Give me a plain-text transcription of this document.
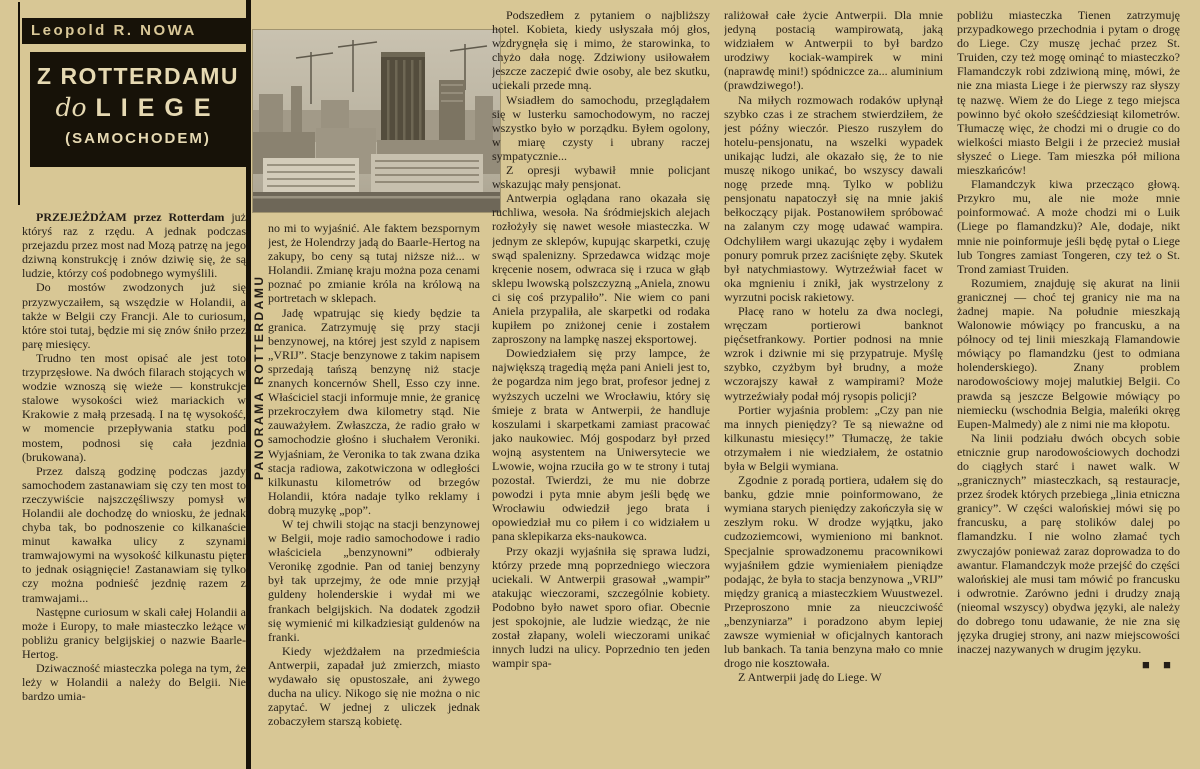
Leopold R. NOWA
Z ROTTERDAMU
do LIEGE
(SAMOCHODEM)
PANORAMA ROTTERDAMU

PRZEJEŻDŻAM przez Rotterdam już któryś raz z rzędu. A jednak podczas przejazdu przez most nad Mozą patrzę na jego dziwną konstrukcję i znów dziwię się, że są ludzie, którzy coś podobnego wymyślili.

Do mostów zwodzonych już się przyzwyczaiłem, są wszędzie w Holandii, a także w Belgii czy Francji. Ale to curiosum, które stoi tutaj, będzie mi się znów śniło przez parę miesięcy.

Trudno ten most opisać ale jest toto trzyprzęsłowe. Na dwóch filarach stojących w wodzie wznoszą się wieże — konstrukcje stalowe wysokości wież mariackich w Krakowie z małą przesadą. I na tę wysokość, w momencie przepływania statku pod mostem, podnosi się cała jezdnia (brukowana).

Przez dalszą godzinę podczas jazdy samochodem zastanawiam się czy ten most to rzeczywiście najszczęśliwszy pomysł w Holandii ale dochodzę do wniosku, że jednak chyba tak, bo podnoszenie co kilkanaście minut kawałka ulicy z szynami tramwajowymi na wysokość kilkunastu pięter to jednak osiągnięcie! Zastanawiam się tylko czy można podnieść jezdnię razem z tramwajami...

Następne curiosum w skali całej Holandii a może i Europy, to małe miasteczko leżące w pobliżu granicy belgijskiej o nazwie Baarle-Hertog.

Dziwaczność miasteczka polega na tym, że leży w Holandii a należy do Belgii. Nie bardzo umia-

no mi to wyjaśnić. Ale faktem bezspornym jest, że Holendrzy jadą do Baarle-Hertog na zakupy, bo ceny są tutaj niższe niż... w Holandii. Zmianę kraju można poza cenami poznać po zmianie króla na królową na portretach w sklepach.

Jadę wpatrując się kiedy będzie ta granica. Zatrzymuję się przy stacji benzynowej, na której jest szyld z napisem „VRIJ”. Stacje benzynowe z takim napisem sprzedają tańszą benzynę niż stacje znanych koncernów Shell, Esso czy inne. Właściciel stacji informuje mnie, że granicę przekroczyłem dwa kilometry stąd. Nie zauważyłem. Zwłaszcza, że radio grało w samochodzie głośno i słuchałem Veroniki. Wyjaśniam, że Veronika to tak zwana dzika stacja radiowa, zakotwiczona w odległości kilkunastu kilometrów od brzegów Holandii, która nadaje tylko reklamy i dobrą muzykę „pop”.

W tej chwili stojąc na stacji benzynowej w Belgii, moje radio samochodowe i radio właściciela „benzynowni” odbierały Veronikę zgodnie. Pan od taniej benzyny był tak uprzejmy, że ode mnie przyjął guldeny holenderskie i wydał mi we frankach belgijskich. Na dodatek zgodził się wymienić mi kilkadziesiąt guldenów na franki.

Kiedy wjeżdżałem na przedmieścia Antwerpii, zapadał już zmierzch, miasto wydawało się opustoszałe, ani żywego ducha na ulicy. Nikogo się nie można o nic zapytać. W jednej z uliczek jednak zobaczyłem starszą kobietę.

Podszedłem z pytaniem o najbliższy hotel. Kobieta, kiedy usłyszała mój głos, wzdrygnęła się i mimo, że starowinka, to chyżo dała nogę. Zdziwiony usiłowałem jeszcze zaczepić dwie osoby, ale bez skutku, uciekali przede mną.

Wsiadłem do samochodu, przeglądałem się w lusterku samochodowym, no raczej wszystko było w porządku. Byłem ogolony, w miarę czysty i ubrany raczej sympatycznie...

Z opresji wybawił mnie policjant wskazując mały pensjonat.

Antwerpia oglądana rano okazała się ruchliwa, wesoła. Na śródmiejskich alejach rozłożyły się nawet wesołe miasteczka. W jednym ze sklepów, kupując skarpetki, czuję swąd spalenizny. Sprzedawca widząc moje kręcenie nosem, odwraca się i rzuca w głąb sklepu lwowską polszczyzną „Aniela, znowu ci się coś przypaliło”. Nie wiem co pani Aniela przypaliła, ale skarpetki od rodaka kupiłem po zniżonej cenie i zostałem zaproszony na lampkę naszej eksportowej.

Dowiedziałem się przy lampce, że największą tragedią męża pani Anieli jest to, że pogardza nim jego brat, profesor jednej z wyższych uczelni we Wrocławiu, który się śmieje z brata w Antwerpii, że handluje koszulami i skarpetkami zamiast pracować jako naukowiec. Mój gospodarz był przed wojną asystentem na Uniwersytecie we Lwowie, wojna rzuciła go w te strony i tutaj pozostał. Twierdzi, że mu nie dobrze powodzi i pyta mnie abym jeśli będę we Wrocławiu odwiedził jego brata i opowiedział mu co piłem i co widziałem u pana sklepikarza eks-naukowca.

Przy okazji wyjaśniła się sprawa ludzi, którzy przede mną poprzedniego wieczora uciekali. W Antwerpii grasował „wampir” atakując wieczorami, szczególnie kobiety. Podobno było nawet sporo ofiar. Obecnie jest spokojnie, ale ludzie wiedząc, że nie został złapany, woleli wieczorami unikać innych ludzi na ulicy. Poprzednio ten jeden wampir spa-

raliżował całe życie Antwerpii. Dla mnie jedyną postacią wampirowatą, jaką widziałem w Antwerpii to był bardzo urodziwy kociak-wampirek w mini (naprawdę mini!) spódniczce za... aluminium (prawdziwego!).

Na miłych rozmowach rodaków upłynął szybko czas i ze strachem stwierdziłem, że jest późny wieczór. Pieszo ruszyłem do hotelu-pensjonatu, na wszelki wypadek unikając ludzi, ale okazało się, że to nie muszę nikogo unikać, bo wszyscy dawali nogę przede mną. Tylko w pobliżu pensjonatu napatoczył się na mnie jakiś bełkoczący pijak. Postanowiłem spróbować na zalanym czy mogę udawać wampira. Odchyliłem wargi ukazując zęby i wydałem ponury pomruk przez zaciśnięte zęby. Skutek był natychmiastowy. Wytrzeźwiał facet w oka mgnieniu i znikł, jak wystrzelony z wyrzutni pocisk rakietowy.

Płacę rano w hotelu za dwa noclegi, wręczam portierowi banknot pięćsetfrankowy. Portier podnosi na mnie wzrok i dziwnie mi się przypatruje. Myślę szybko, czyżbym był brudny, a może wczorajszy kawał z wampirami? Może wytrzeźwiały podał mój rysopis policji?

Portier wyjaśnia problem: „Czy pan nie ma innych pieniędzy? Te są nieważne od kilkunastu miesięcy!” Tłumaczę, że takie otrzymałem i nie wiedziałem, że ostatnio była w Belgii wymiana.

Zgodnie z poradą portiera, udałem się do banku, gdzie mnie poinformowano, że wymiana starych pieniędzy zakończyła się w zeszłym roku. W drodze wyjątku, jako cudzoziemcowi, wymieniono mi banknot. Specjalnie sprowadzonemu pracownikowi wyjaśniłem gdzie wymieniałem pieniądze podając, że była to stacja benzynowa „VRIJ” między granicą a miasteczkiem Wuustwezel. Przeproszono mnie za nieuczciwość „benzyniarza” i poradzono abym lepiej zawsze wymieniał w oficjalnych kantorach lub bankach. Ta tania benzyna mało co mnie drogo nie kosztowała.

Z Antwerpii jadę do Liege. W

pobliżu miasteczka Tienen zatrzymuję przypadkowego przechodnia i pytam o drogę do Liege. Czy muszę jechać przez St. Truiden, czy też mogę ominąć to miasteczko? Flamandczyk robi zdziwioną minę, mówi, że nie zna miasta Liege i że pierwszy raz słyszy tę nazwę. Wiem że do Liege z tego miejsca powinno być około sześćdziesiąt kilometrów. Tłumaczę więc, że chodzi mi o drugie co do wielkości miasto Belgii i że przecież musiał słyszeć o Liege. Tam mieszka pół miliona mieszkańców!

Flamandczyk kiwa przecząco głową. Przykro mu, ale nie może mnie poinformować. A może chodzi mi o Luik (Liege po flamandzku)? Ale, dodaje, nikt mnie nie poinformuje jeśli będę pytał o Liege lub Tongres zamiast Tongeren, czy też o St. Trond zamiast Truiden.

Rozumiem, znajduję się akurat na linii granicznej — choć tej granicy nie ma na żadnej mapie. Na południe mieszkają Walonowie mówiący po francusku, a na północy od tej linii mieszkają Flamandowie mówiący po flamandzku (jest to odmiana holenderskiego). Znany problem narodowościowy mojej malutkiej Belgii. Co prawda są jeszcze Belgowie mówiący po niemiecku (wschodnia Belgia, maleńki okręg Eupen-Malmedy) ale z nimi nie ma kłopotu.

Na linii podziału dwóch obcych sobie etnicznie grup narodowościowych dochodzi do ciągłych starć i nawet walk. W „granicznych” miasteczkach, są restauracje, przez środek których przebiega „linia etniczna granicy”. W części walońskiej mówi się po francusku, a parę stolików dalej po flamandzku. I nie wolno złamać tych zwyczajów ponieważ zaraz doprowadza to do awantur. Flamandczyk może przejść do części walońskiej ale musi tam mówić po francusku i odwrotnie. Zarówno jedni i drudzy znają (nieomal wszyscy) obydwa języki, ale należy do dobrego tonu udawanie, że nie zna się języka drugiej strony, ani nazw miejscowości inaczej nazywanych w drugim języku.

■ ■
